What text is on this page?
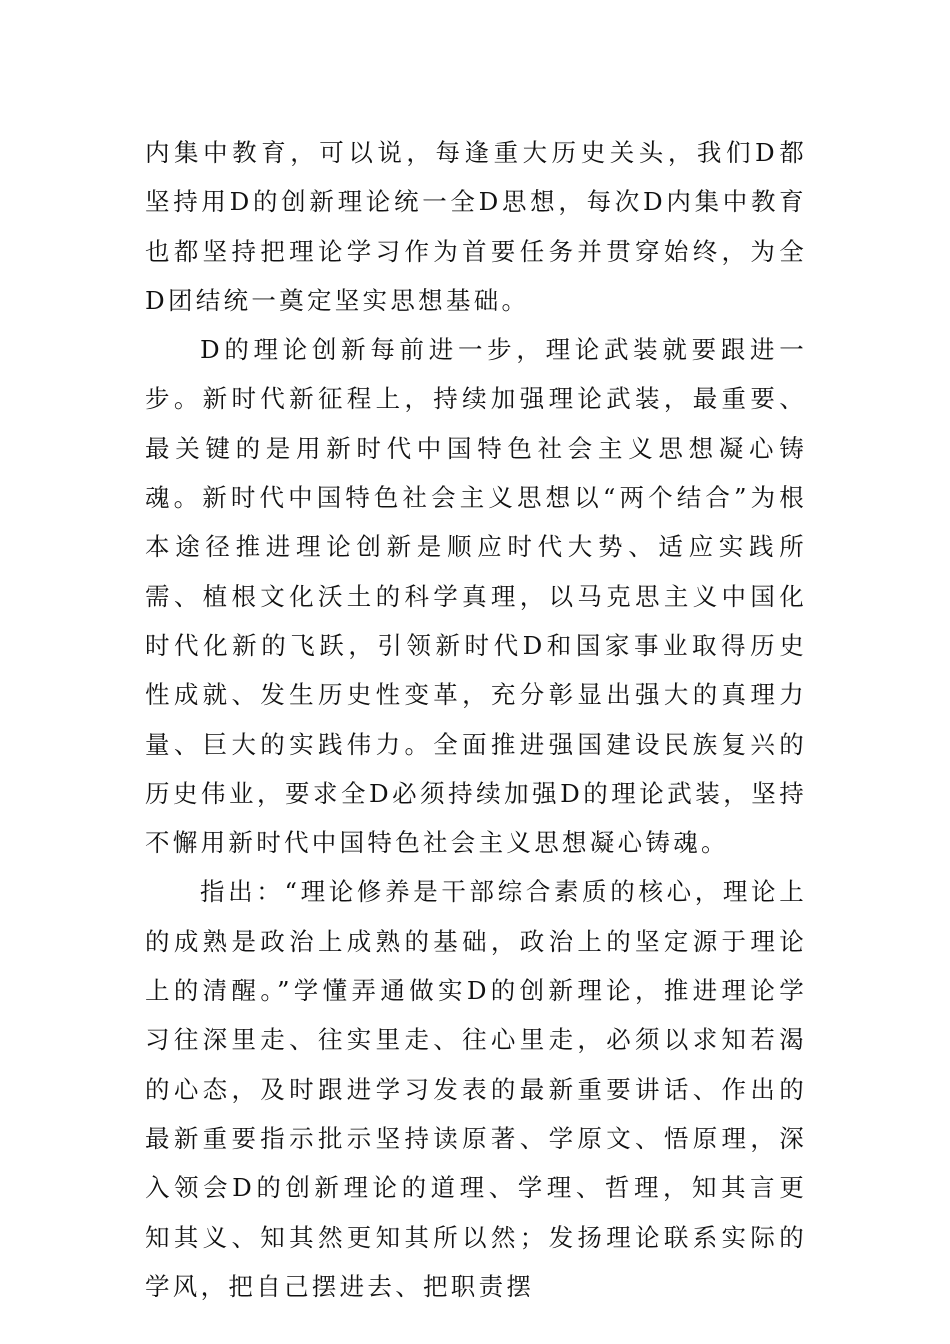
内集中教育，可以说，每逢重大历史关头，我们D都坚持用D的创新理论统一全D思想，每次D内集中教育也都坚持把理论学习作为首要任务并贯穿始终，为全D团结统一奠定坚实思想基础。

D的理论创新每前进一步，理论武装就要跟进一步。新时代新征程上，持续加强理论武装，最重要、最关键的是用新时代中国特色社会主义思想凝心铸魂。新时代中国特色社会主义思想以“两个结合”为根本途径推进理论创新是顺应时代大势、适应实践所需、植根文化沃土的科学真理，以马克思主义中国化时代化新的飞跃，引领新时代D和国家事业取得历史性成就、发生历史性变革，充分彰显出强大的真理力量、巨大的实践伟力。全面推进强国建设民族复兴的历史伟业，要求全D必须持续加强D的理论武装，坚持不懈用新时代中国特色社会主义思想凝心铸魂。

指出：“理论修养是干部综合素质的核心，理论上的成熟是政治上成熟的基础，政治上的坚定源于理论上的清醒。”学懂弄通做实D的创新理论，推进理论学习往深里走、往实里走、往心里走，必须以求知若渴的心态，及时跟进学习发表的最新重要讲话、作出的最新重要指示批示坚持读原著、学原文、悟原理，深入领会D的创新理论的道理、学理、哲理，知其言更知其义、知其然更知其所以然；发扬理论联系实际的学风，把自己摆进去、把职责摆
